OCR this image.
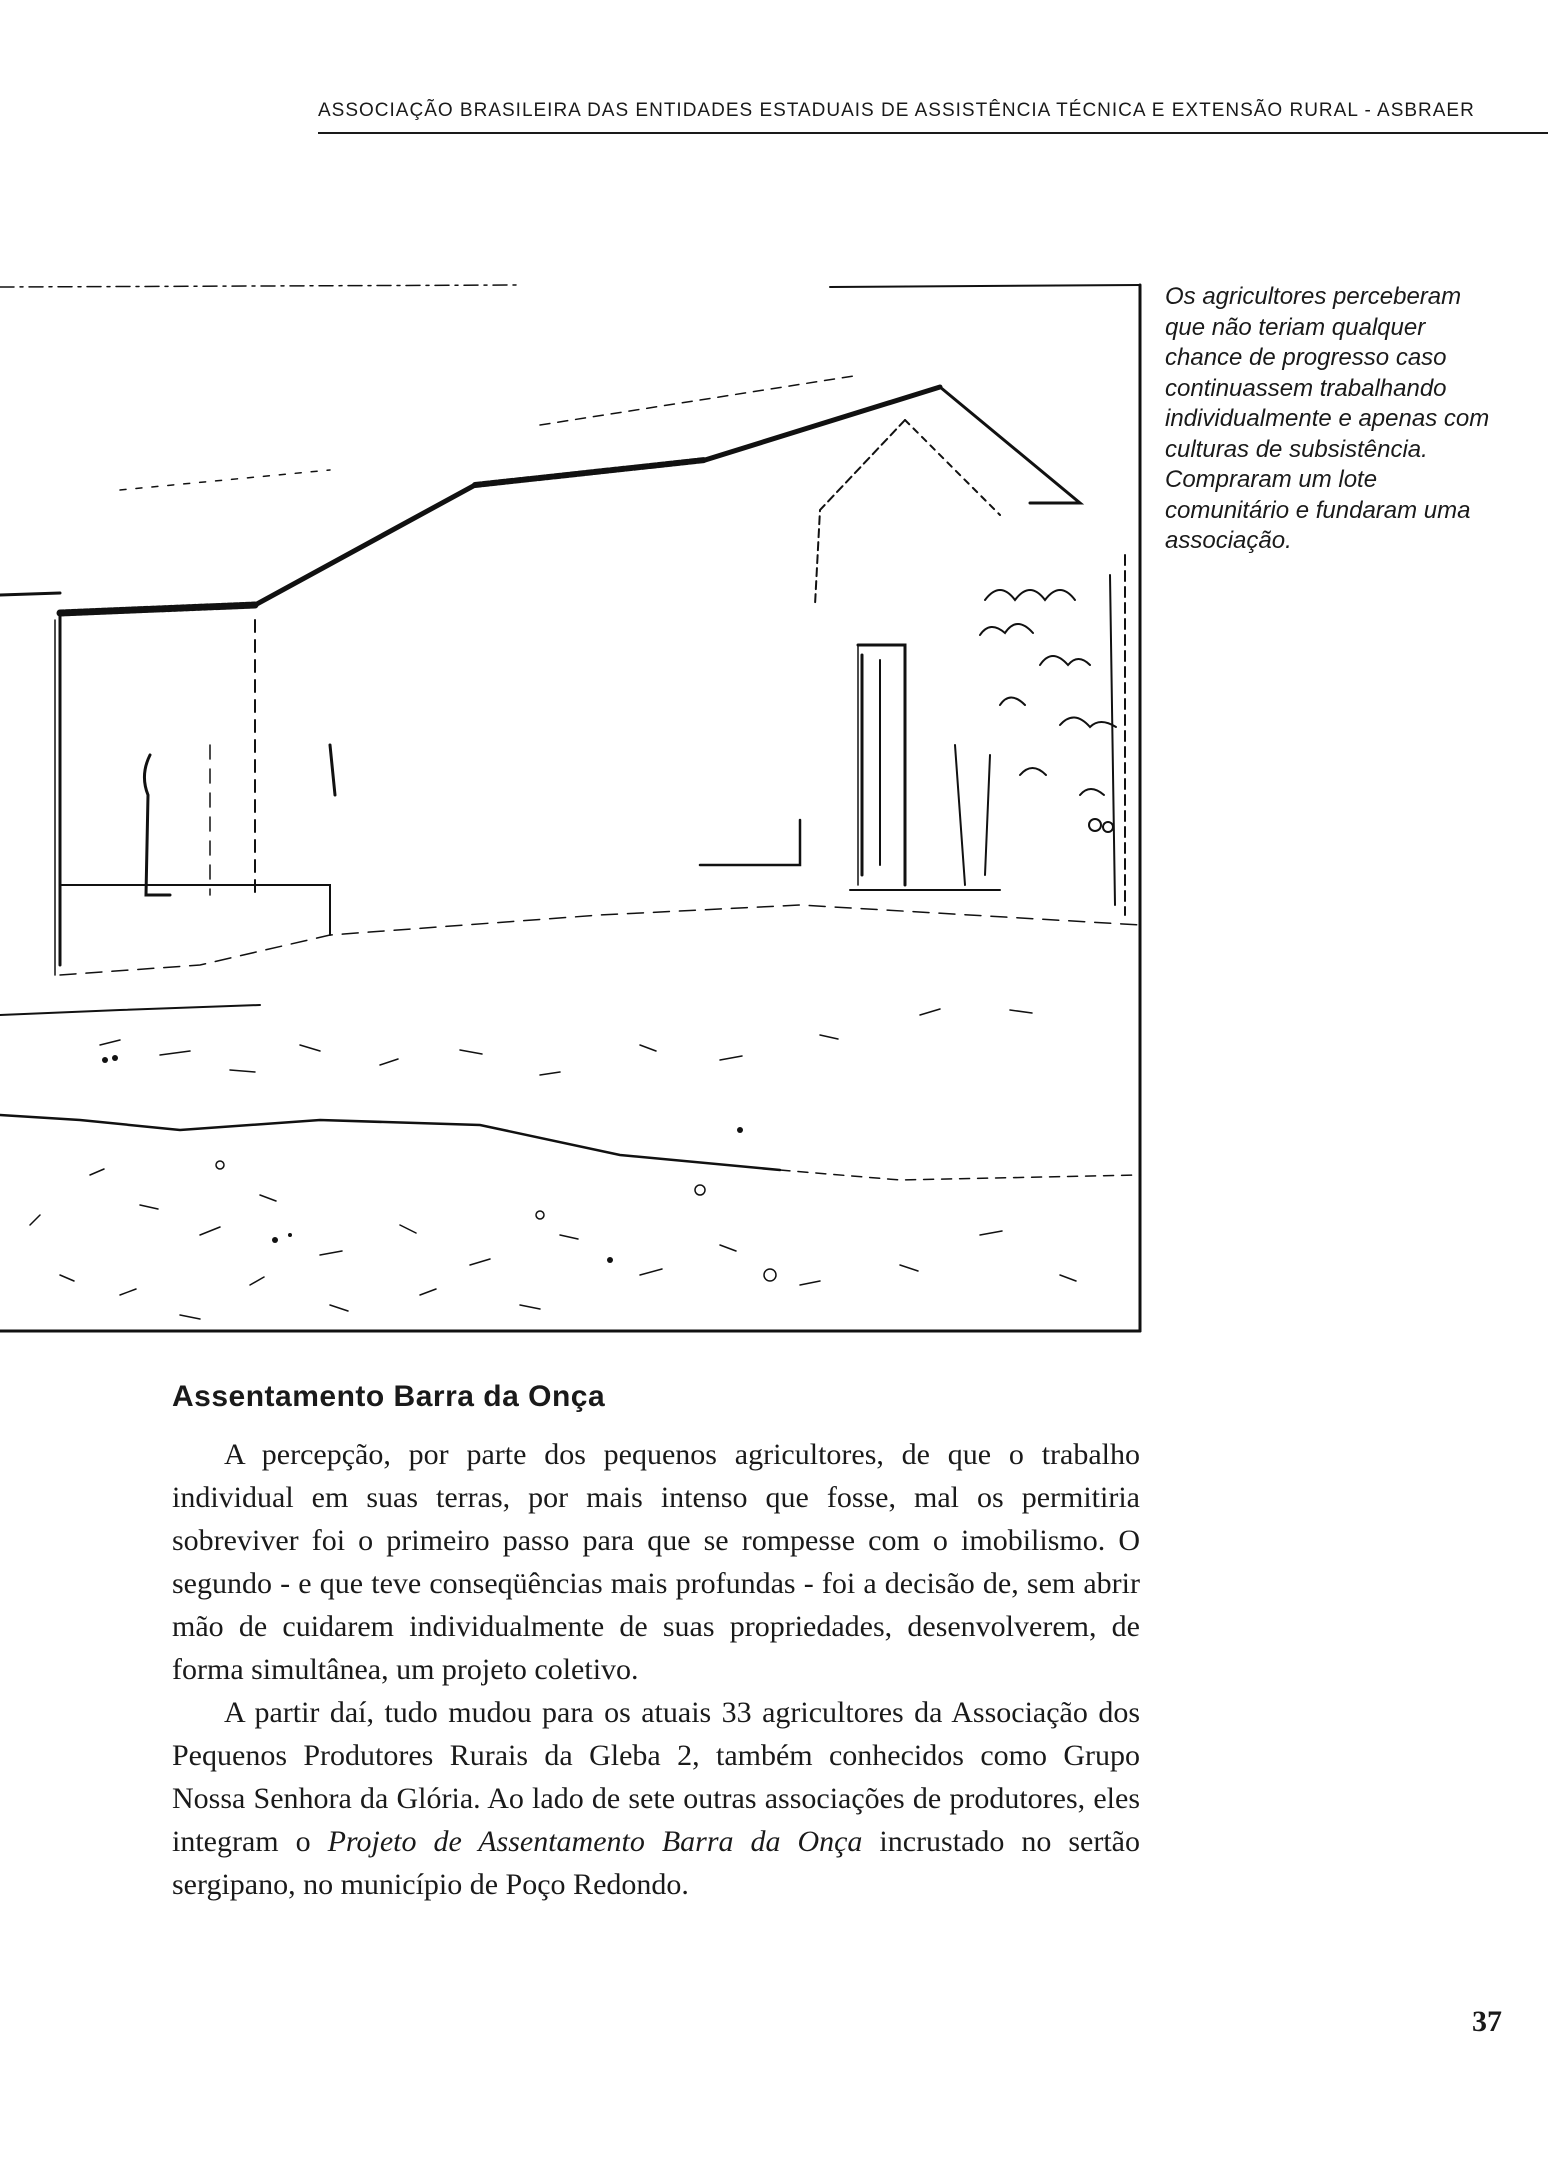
ASSOCIAÇÃO BRASILEIRA DAS ENTIDADES ESTADUAIS DE ASSISTÊNCIA TÉCNICA E EXTENSÃO RURAL - ASBRAER
Os agricultores perceberam que não teriam qualquer chance de progresso caso continuassem trabalhando individualmente e apenas com culturas de subsistência. Compraram um lote comunitário e fundaram uma associação.
Assentamento Barra da Onça

A percepção, por parte dos pequenos agricultores, de que o trabalho individual em suas terras, por mais intenso que fosse, mal os permitiria sobreviver foi o primeiro passo para que se rompesse com o imobilismo. O segundo - e que teve conseqüências mais profundas - foi a decisão de, sem abrir mão de cuidarem individualmente de suas propriedades, desenvolverem, de forma simultânea, um projeto coletivo.

A partir daí, tudo mudou para os atuais 33 agricultores da Associação dos Pequenos Produtores Rurais da Gleba 2, também conhecidos como Grupo Nossa Senhora da Glória. Ao lado de sete outras associações de produtores, eles integram o Projeto de Assentamento Barra da Onça incrustado no sertão sergipano, no município de Poço Redondo.

37
